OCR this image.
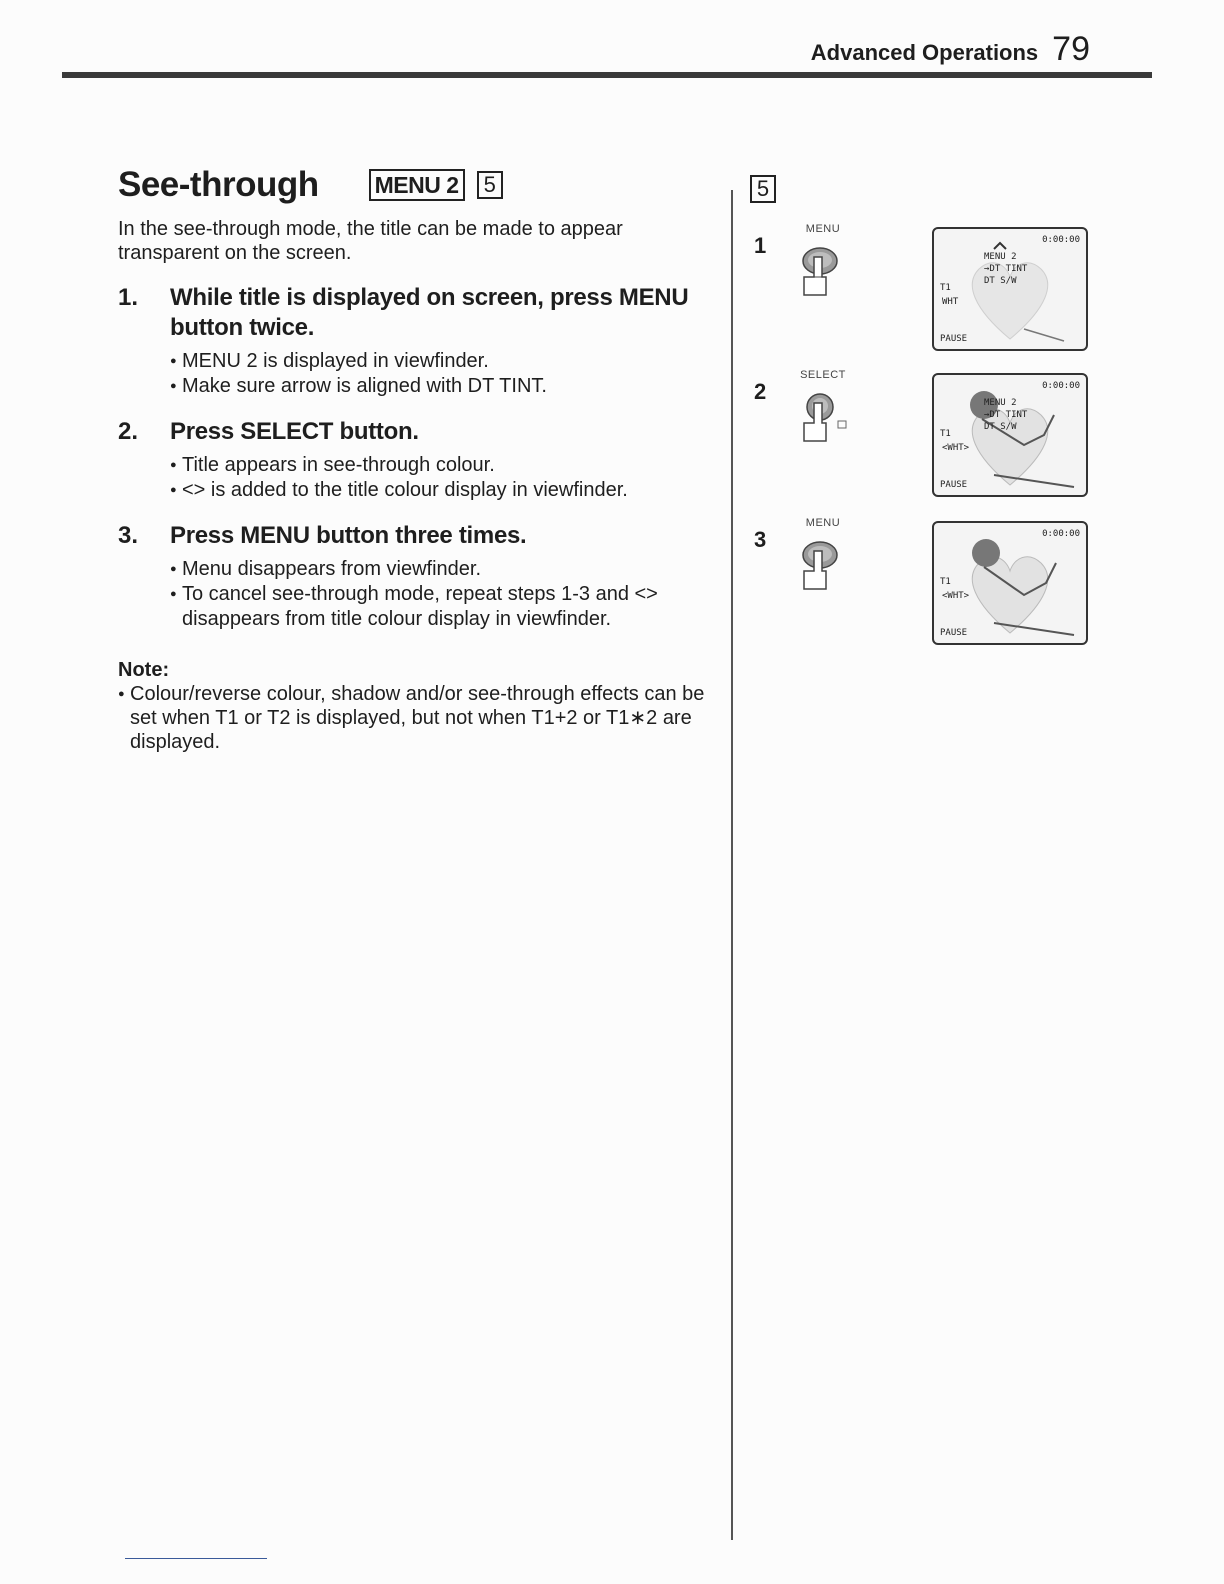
Advanced Operations 79
See-through MENU 2	5

In the see-through mode, the title can be made to appear transparent on the screen.

1.	While title is displayed on screen, press MENU button twice.
● MENU 2 is displayed in viewfinder.
● Make sure arrow is aligned with DT TINT.
2.	Press SELECT button.
● Title appears in see-through colour.
● <> is added to the title colour display in viewfinder.
3.	Press MENU button three times.
● Menu disappears from viewfinder.
● To cancel see-through mode, repeat steps 1-3 and <> disappears from title colour display in viewfinder.
Note:
● Colour/reverse colour, shadow and/or see-through effects can be set when T1 or T2 is displayed, but not when T1+2 or T1∗2 are displayed.
5
1
MENU
0:00:00
MENU 2
→DT TINT
DT S/W
T1
WHT
PAUSE
2
SELECT
0:00:00
MENU 2
→DT TINT
DT S/W
T1
<WHT>
PAUSE
3
MENU
0:00:00
T1
<WHT>
PAUSE
